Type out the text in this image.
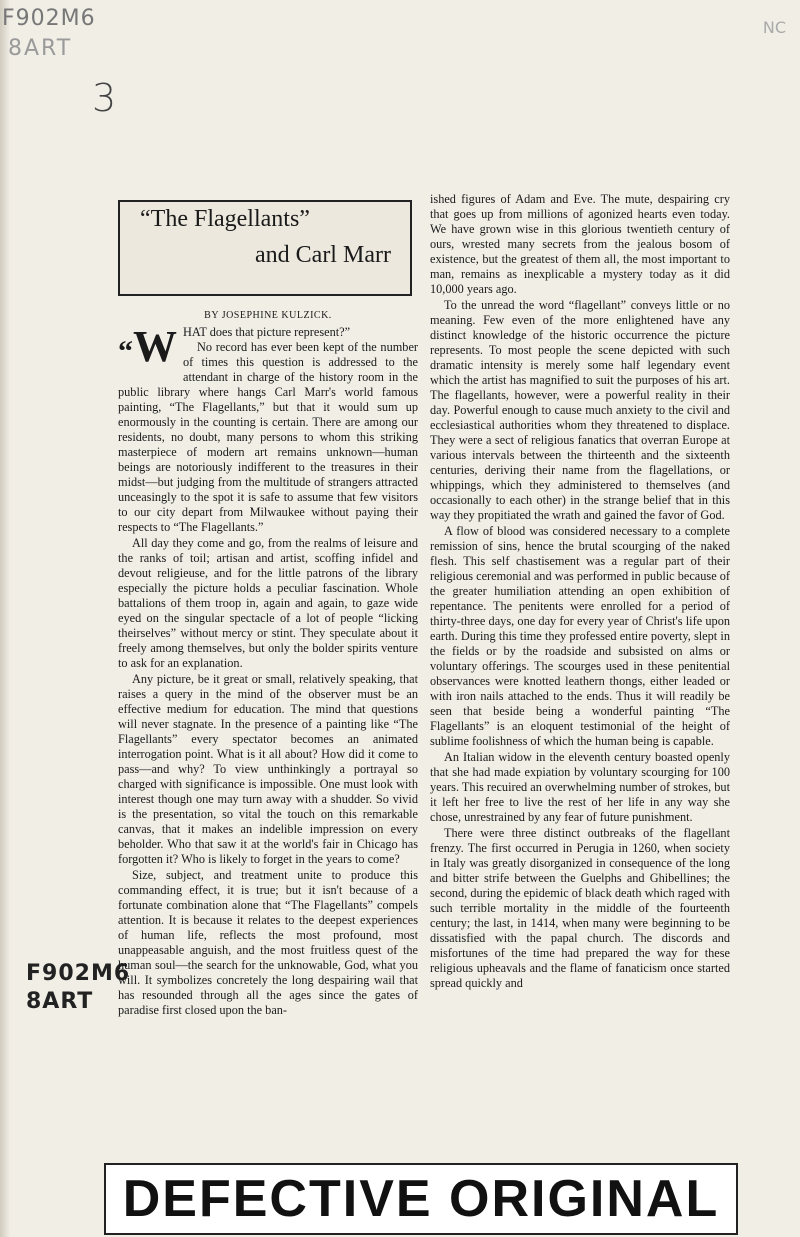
F902M6
8ART
NC
3
F902M6
8ART
“The Flagellants”
and Carl Marr
BY JOSEPHINE KULZICK.
“W HAT does that picture represent?”

No record has ever been kept of the number of times this question is addressed to the attendant in charge of the history room in the public library where hangs Carl Marr's world famous painting, “The Flagellants,” but that it would sum up enormously in the counting is certain. There are among our residents, no doubt, many persons to whom this striking masterpiece of modern art remains unknown—human beings are notoriously indifferent to the treasures in their midst—but judging from the multitude of strangers attracted unceasingly to the spot it is safe to assume that few visitors to our city depart from Milwaukee without paying their respects to “The Flagellants.”

All day they come and go, from the realms of leisure and the ranks of toil; artisan and artist, scoffing infidel and devout religieuse, and for the little patrons of the library especially the picture holds a peculiar fascination. Whole battalions of them troop in, again and again, to gaze wide eyed on the singular spectacle of a lot of people “licking theirselves” without mercy or stint. They speculate about it freely among themselves, but only the bolder spirits venture to ask for an explanation.

Any picture, be it great or small, relatively speaking, that raises a query in the mind of the observer must be an effective medium for education. The mind that questions will never stagnate. In the presence of a painting like “The Flagellants” every spectator becomes an animated interrogation point. What is it all about? How did it come to pass—and why? To view unthinkingly a portrayal so charged with significance is impossible. One must look with interest though one may turn away with a shudder. So vivid is the presentation, so vital the touch on this remarkable canvas, that it makes an indelible impression on every beholder. Who that saw it at the world's fair in Chicago has forgotten it? Who is likely to forget in the years to come?

Size, subject, and treatment unite to produce this commanding effect, it is true; but it isn't because of a fortunate combination alone that “The Flagellants” compels attention. It is because it relates to the deepest experiences of human life, reflects the most profound, most unappeasable anguish, and the most fruitless quest of the human soul—the search for the unknowable, God, what you will. It symbolizes concretely the long despairing wail that has resounded through all the ages since the gates of paradise first closed upon the ban-

ished figures of Adam and Eve. The mute, despairing cry that goes up from millions of agonized hearts even today. We have grown wise in this glorious twentieth century of ours, wrested many secrets from the jealous bosom of existence, but the greatest of them all, the most important to man, remains as inexplicable a mystery today as it did 10,000 years ago.

To the unread the word “flagellant” conveys little or no meaning. Few even of the more enlightened have any distinct knowledge of the historic occurrence the picture represents. To most people the scene depicted with such dramatic intensity is merely some half legendary event which the artist has magnified to suit the purposes of his art. The flagellants, however, were a powerful reality in their day. Powerful enough to cause much anxiety to the civil and ecclesiastical authorities whom they threatened to displace. They were a sect of religious fanatics that overran Europe at various intervals between the thirteenth and the sixteenth centuries, deriving their name from the flagellations, or whippings, which they administered to themselves (and occasionally to each other) in the strange belief that in this way they propitiated the wrath and gained the favor of God.

A flow of blood was considered necessary to a complete remission of sins, hence the brutal scourging of the naked flesh. This self chastisement was a regular part of their religious ceremonial and was performed in public because of the greater humiliation attending an open exhibition of repentance. The penitents were enrolled for a period of thirty-three days, one day for every year of Christ's life upon earth. During this time they professed entire poverty, slept in the fields or by the roadside and subsisted on alms or voluntary offerings. The scourges used in these penitential observances were knotted leathern thongs, either leaded or with iron nails attached to the ends. Thus it will readily be seen that beside being a wonderful painting “The Flagellants” is an eloquent testimonial of the height of sublime foolishness of which the human being is capable.

An Italian widow in the eleventh century boasted openly that she had made expiation by voluntary scourging for 100 years. This recuired an overwhelming number of strokes, but it left her free to live the rest of her life in any way she chose, unrestrained by any fear of future punishment.

There were three distinct outbreaks of the flagellant frenzy. The first occurred in Perugia in 1260, when society in Italy was greatly disorganized in consequence of the long and bitter strife between the Guelphs and Ghibellines; the second, during the epidemic of black death which raged with such terrible mortality in the middle of the fourteenth century; the last, in 1414, when many were beginning to be dissatisfied with the papal church. The discords and misfortunes of the time had prepared the way for these religious upheavals and the flame of fanaticism once started spread quickly and

DEFECTIVE ORIGINAL
